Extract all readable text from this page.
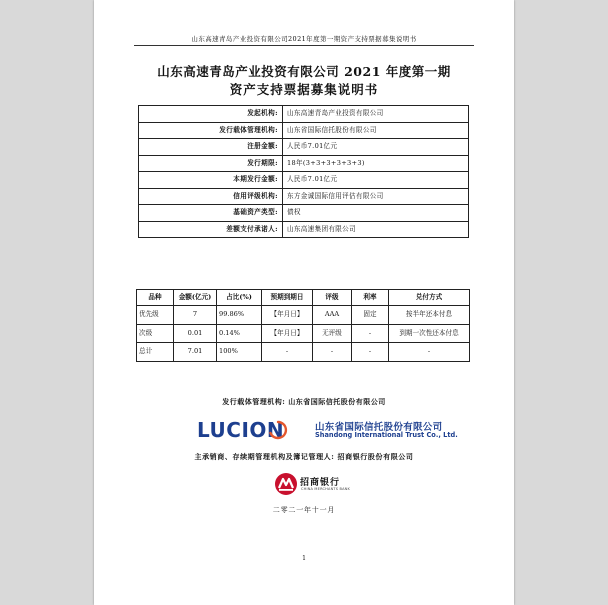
山东高速青岛产业投资有限公司2021年度第一期资产支持票据募集说明书
山东高速青岛产业投资有限公司 2021 年度第一期
资产支持票据募集说明书
发起机构:	山东高速青岛产业投资有限公司
发行载体管理机构:	山东省国际信托股份有限公司
注册金额:	人民币7.01亿元
发行期限:	18年(3+3+3+3+3+3)
本期发行金额:	人民币7.01亿元
信用评级机构:	东方金诚国际信用评估有限公司
基础资产类型:	债权
差额支付承诺人:	山东高速集团有限公司
品种	金额(亿元)	占比(%)	预期到期日	评级	利率	兑付方式
优先级	7	99.86%	【年月日】	AAA	固定	按半年还本付息
次级	0.01	0.14%	【年月日】	无评级	-	到期一次性还本付息
总计	7.01	100%	-	-	-	-
发行载体管理机构: 山东省国际信托股份有限公司
LUCION	山东省国际信托股份有限公司
Shandong International Trust Co., Ltd.
主承销商、存续期管理机构及簿记管理人: 招商银行股份有限公司
招商银行
CHINA MERCHANTS BANK
二零二一年十一月
1
